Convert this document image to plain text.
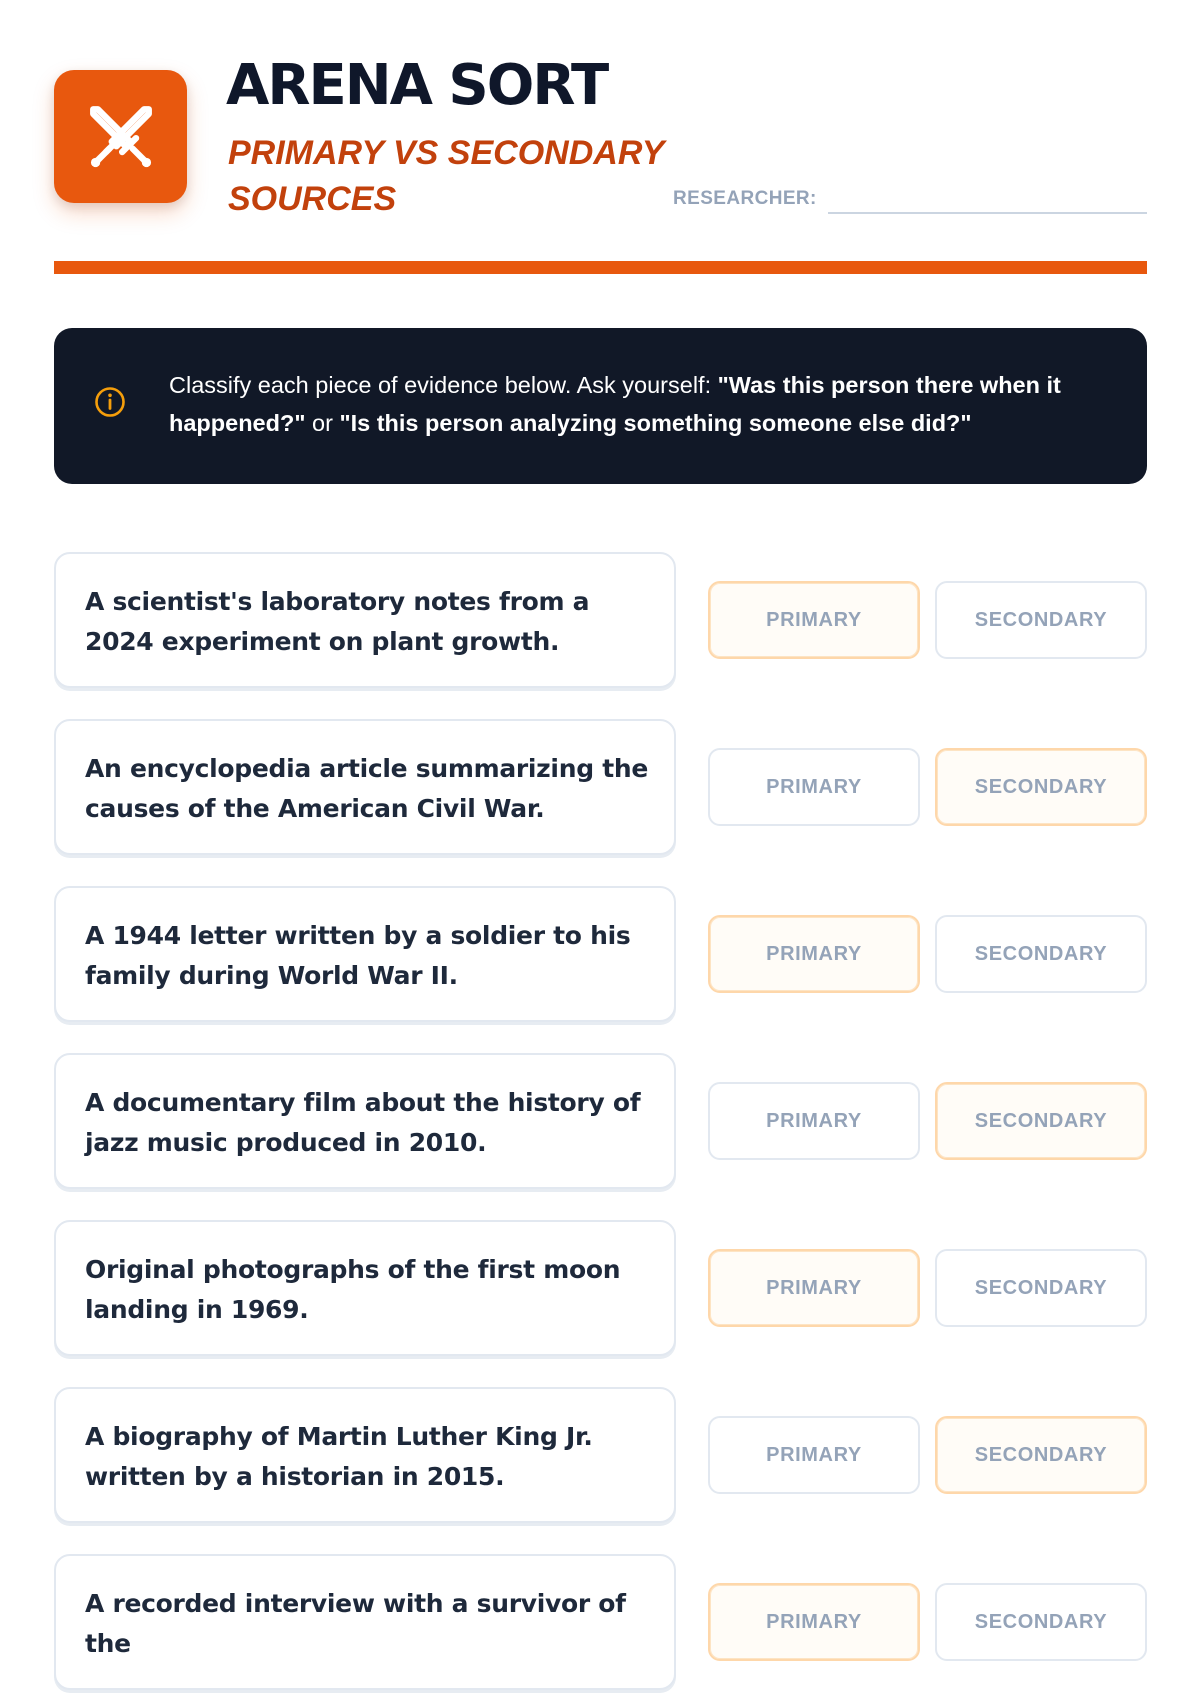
ARENA SORT
PRIMARY VS SECONDARY SOURCES	RESEARCHER:
Classify each piece of evidence below. Ask yourself: "Was this person there when it happened?" or "Is this person analyzing something someone else did?"
A scientist's laboratory notes from a 2024 experiment on plant growth.
PRIMARY	SECONDARY
An encyclopedia article summarizing the causes of the American Civil War.
PRIMARY	SECONDARY
A 1944 letter written by a soldier to his family during World War II.
PRIMARY	SECONDARY
A documentary film about the history of jazz music produced in 2010.
PRIMARY	SECONDARY
Original photographs of the first moon landing in 1969.
PRIMARY	SECONDARY
A biography of Martin Luther King Jr. written by a historian in 2015.
PRIMARY	SECONDARY
A recorded interview with a survivor of the
PRIMARY	SECONDARY
